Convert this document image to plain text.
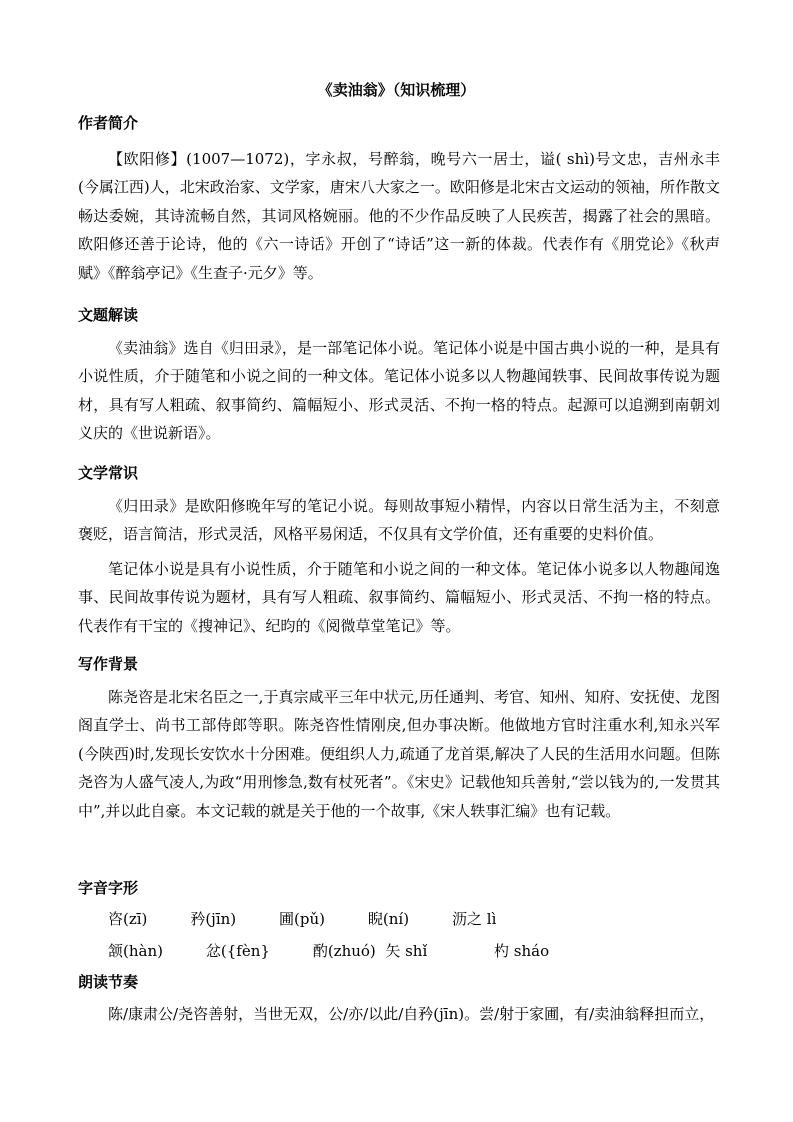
《卖油翁》（知识梳理）
作者简介
【欧阳修】(1007—1072)，字永叔，号醉翁，晚号六一居士，谥( shì)号文忠，吉州永丰(今属江西)人，北宋政治家、文学家，唐宋八大家之一。欧阳修是北宋古文运动的领袖，所作散文畅达委婉，其诗流畅自然，其词风格婉丽。他的不少作品反映了人民疾苦，揭露了社会的黑暗。欧阳修还善于论诗，他的《六一诗话》开创了“诗话”这一新的体裁。代表作有《朋党论》《秋声赋》《醉翁亭记》《生查子·元夕》等。
文题解读
《卖油翁》选自《归田录》，是一部笔记体小说。笔记体小说是中国古典小说的一种，是具有小说性质，介于随笔和小说之间的一种文体。笔记体小说多以人物趣闻轶事、民间故事传说为题材，具有写人粗疏、叙事简约、篇幅短小、形式灵活、不拘一格的特点。起源可以追溯到南朝刘义庆的《世说新语》。
文学常识
《归田录》是欧阳修晚年写的笔记小说。每则故事短小精悍，内容以日常生活为主，不刻意褒贬，语言简洁，形式灵活，风格平易闲适，不仅具有文学价值，还有重要的史料价值。
笔记体小说是具有小说性质，介于随笔和小说之间的一种文体。笔记体小说多以人物趣闻逸事、民间故事传说为题材，具有写人粗疏、叙事简约、篇幅短小、形式灵活、不拘一格的特点。代表作有干宝的《搜神记》、纪昀的《阅微草堂笔记》等。
写作背景
陈尧咨是北宋名臣之一,于真宗咸平三年中状元,历任通判、考官、知州、知府、安抚使、龙图阁直学士、尚书工部侍郎等职。陈尧咨性情刚戾,但办事决断。他做地方官时注重水利,知永兴军(今陕西)时,发现长安饮水十分困难。便组织人力,疏通了龙首渠,解决了人民的生活用水问题。但陈尧咨为人盛气凌人,为政“用刑惨急,数有杖死者”。《宋史》记载他知兵善射,“尝以钱为的,一发贯其中”,并以此自豪。本文记载的就是关于他的一个故事,《宋人轶事汇编》也有记载。
字音字形
咨(zī)         矜(jīn)         圃(pǔ)         睨(ní)         沥之 lì
颔(hàn)         忿({fèn}         酌(zhuó)  矢 shǐ              杓 sháo
朗读节奏
陈/康肃公/尧咨善射，当世无双，公/亦/以此/自矜(jīn)。尝/射于家圃，有/卖油翁释担而立，
